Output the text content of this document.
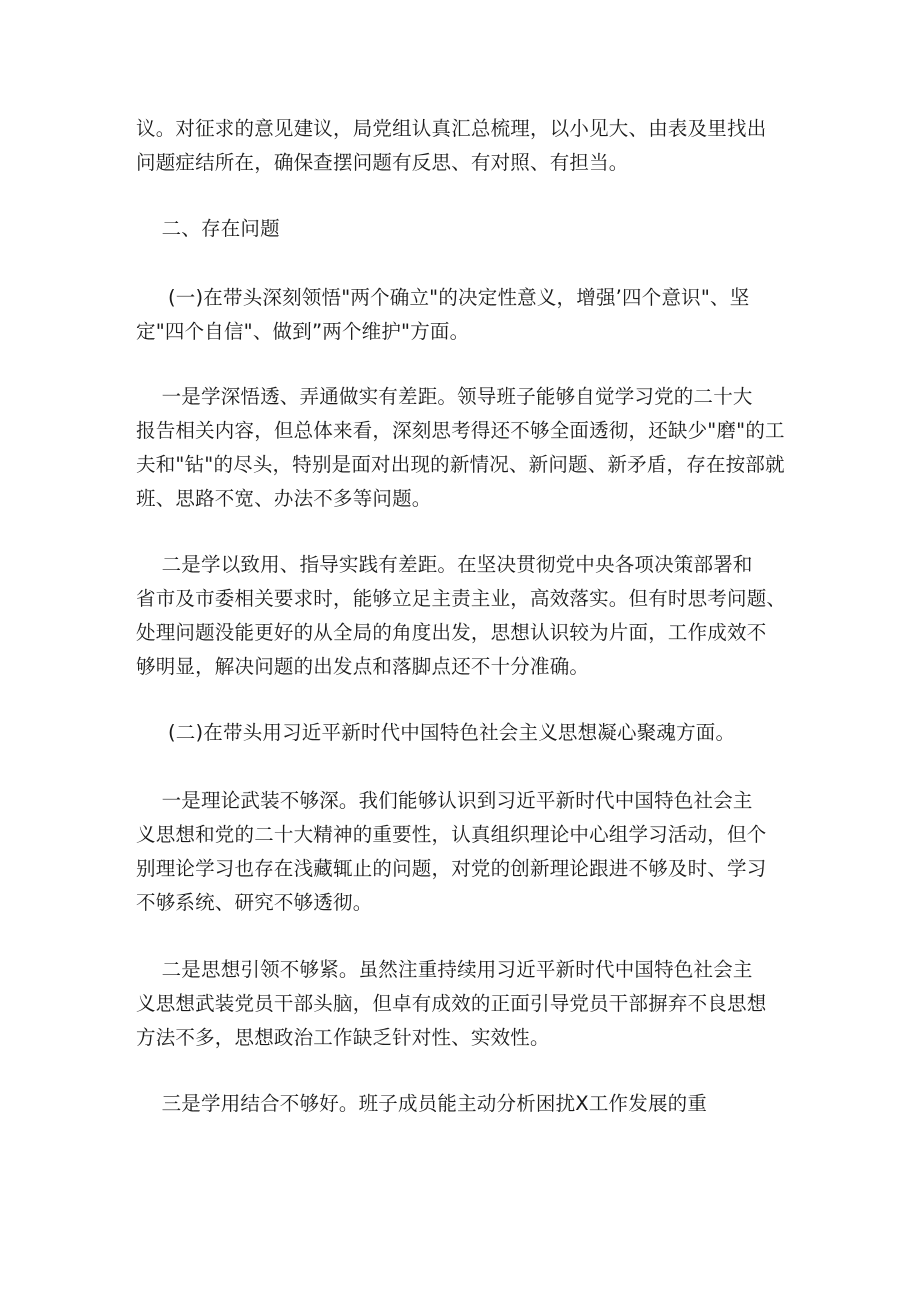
议。对征求的意见建议，局党组认真汇总梳理，以小见大、由表及里找出
问题症结所在，确保查摆问题有反思、有对照、有担当。
二、存在问题
(一)在带头深刻领悟"两个确立"的决定性意义，增强’四个意识"、坚
定"四个自信"、做到”两个维护"方面。
一是学深悟透、弄通做实有差距。领导班子能够自觉学习党的二十大
报告相关内容，但总体来看，深刻思考得还不够全面透彻，还缺少"磨"的工
夫和"钻"的尽头，特别是面对出现的新情况、新问题、新矛盾，存在按部就
班、思路不宽、办法不多等问题。
二是学以致用、指导实践有差距。在坚决贯彻党中央各项决策部署和
省市及市委相关要求时，能够立足主责主业，高效落实。但有时思考问题、
处理问题没能更好的从全局的角度出发，思想认识较为片面，工作成效不
够明显，解决问题的出发点和落脚点还不十分准确。
(二)在带头用习近平新时代中国特色社会主义思想凝心聚魂方面。
一是理论武装不够深。我们能够认识到习近平新时代中国特色社会主
义思想和党的二十大精神的重要性，认真组织理论中心组学习活动，但个
别理论学习也存在浅藏辄止的问题，对党的创新理论跟进不够及时、学习
不够系统、研究不够透彻。
二是思想引领不够紧。虽然注重持续用习近平新时代中国特色社会主
义思想武装党员干部头脑，但卓有成效的正面引导党员干部摒弃不良思想
方法不多，思想政治工作缺乏针对性、实效性。
三是学用结合不够好。班子成员能主动分析困扰X工作发展的重
